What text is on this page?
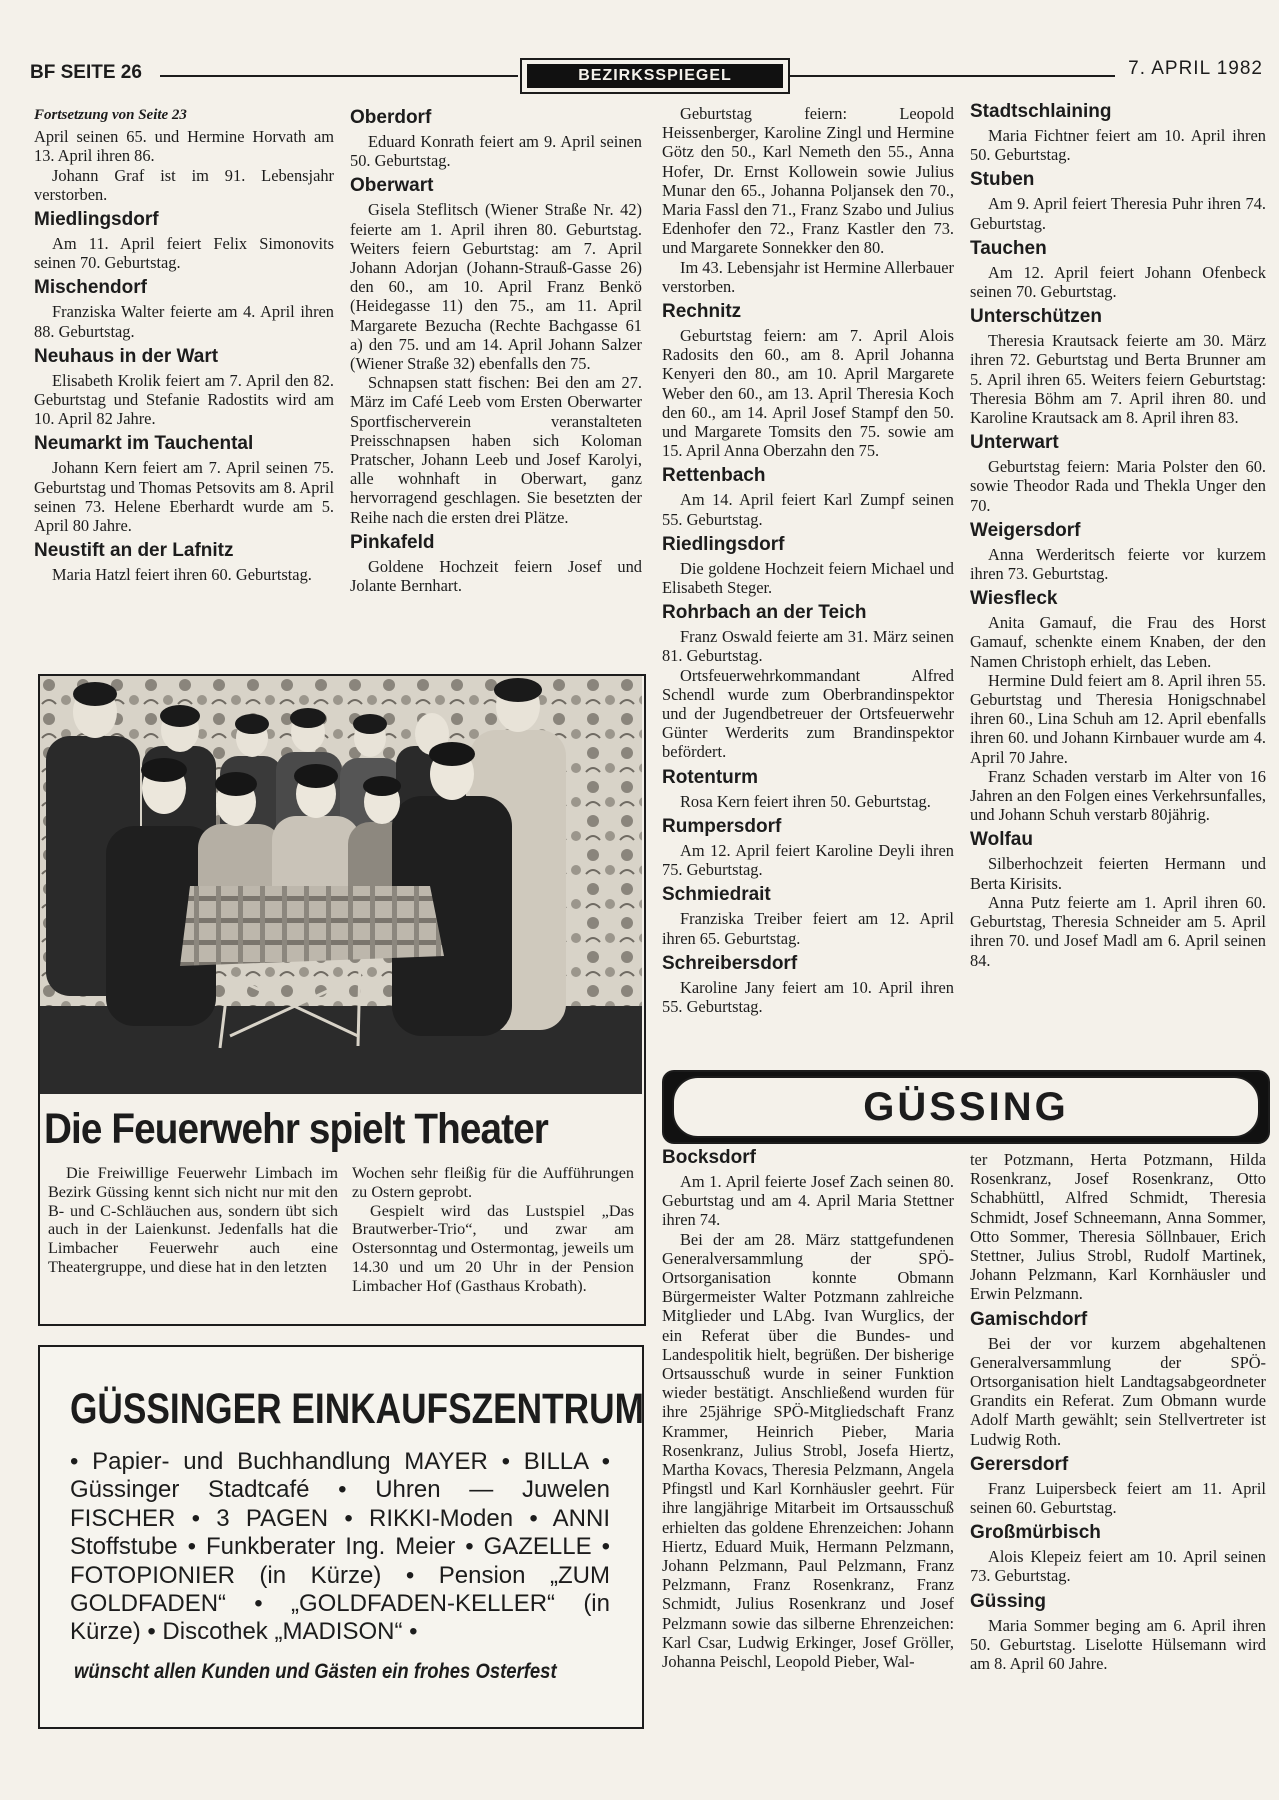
BF SEITE 26	BEZIRKSSPIEGEL	7. APRIL 1982
Fortsetzung von Seite 23

April seinen 65. und Hermine Horvath am 13. April ihren 86.

Johann Graf ist im 91. Lebensjahr verstorben.

Miedlingsdorf

Am 11. April feiert Felix Simonovits seinen 70. Geburtstag.

Mischendorf

Franziska Walter feierte am 4. April ihren 88. Geburtstag.

Neuhaus in der Wart

Elisabeth Krolik feiert am 7. April den 82. Geburtstag und Stefanie Radostits wird am 10. April 82 Jahre.

Neumarkt im Tauchental

Johann Kern feiert am 7. April seinen 75. Geburtstag und Thomas Petsovits am 8. April seinen 73. Helene Eberhardt wurde am 5. April 80 Jahre.

Neustift an der Lafnitz

Maria Hatzl feiert ihren 60. Geburtstag.

Oberdorf

Eduard Konrath feiert am 9. April seinen 50. Geburtstag.

Oberwart

Gisela Steflitsch (Wiener Straße Nr. 42) feierte am 1. April ihren 80. Geburtstag. Weiters feiern Geburtstag: am 7. April Johann Adorjan (Johann-Strauß-Gasse 26) den 60., am 10. April Franz Benkö (Heidegasse 11) den 75., am 11. April Margarete Bezucha (Rechte Bachgasse 61 a) den 75. und am 14. April Johann Salzer (Wiener Straße 32) ebenfalls den 75.

Schnapsen statt fischen: Bei den am 27. März im Café Leeb vom Ersten Oberwarter Sportfischerverein veranstalteten Preisschnapsen haben sich Koloman Pratscher, Johann Leeb und Josef Karolyi, alle wohnhaft in Oberwart, ganz hervorragend geschlagen. Sie besetzten der Reihe nach die ersten drei Plätze.

Pinkafeld

Goldene Hochzeit feiern Josef und Jolante Bernhart.

Geburtstag feiern: Leopold Heissenberger, Karoline Zingl und Hermine Götz den 50., Karl Nemeth den 55., Anna Hofer, Dr. Ernst Kollowein sowie Julius Munar den 65., Johanna Poljansek den 70., Maria Fassl den 71., Franz Szabo und Julius Edenhofer den 72., Franz Kastler den 73. und Margarete Sonnekker den 80.

Im 43. Lebensjahr ist Hermine Allerbauer verstorben.

Rechnitz

Geburtstag feiern: am 7. April Alois Radosits den 60., am 8. April Johanna Kenyeri den 80., am 10. April Margarete Weber den 60., am 13. April Theresia Koch den 60., am 14. April Josef Stampf den 50. und Margarete Tomsits den 75. sowie am 15. April Anna Oberzahn den 75.

Rettenbach

Am 14. April feiert Karl Zumpf seinen 55. Geburtstag.

Riedlingsdorf

Die goldene Hochzeit feiern Michael und Elisabeth Steger.

Rohrbach an der Teich

Franz Oswald feierte am 31. März seinen 81. Geburtstag.

Ortsfeuerwehrkommandant Alfred Schendl wurde zum Oberbrandinspektor und der Jugendbetreuer der Ortsfeuerwehr Günter Werderits zum Brandinspektor befördert.

Rotenturm

Rosa Kern feiert ihren 50. Geburtstag.

Rumpersdorf

Am 12. April feiert Karoline Deyli ihren 75. Geburtstag.

Schmiedrait

Franziska Treiber feiert am 12. April ihren 65. Geburtstag.

Schreibersdorf

Karoline Jany feiert am 10. April ihren 55. Geburtstag.

Stadtschlaining

Maria Fichtner feiert am 10. April ihren 50. Geburtstag.

Stuben

Am 9. April feiert Theresia Puhr ihren 74. Geburtstag.

Tauchen

Am 12. April feiert Johann Ofenbeck seinen 70. Geburtstag.

Unterschützen

Theresia Krautsack feierte am 30. März ihren 72. Geburtstag und Berta Brunner am 5. April ihren 65. Weiters feiern Geburtstag: Theresia Böhm am 7. April ihren 80. und Karoline Krautsack am 8. April ihren 83.

Unterwart

Geburtstag feiern: Maria Polster den 60. sowie Theodor Rada und Thekla Unger den 70.

Weigersdorf

Anna Werderitsch feierte vor kurzem ihren 73. Geburtstag.

Wiesfleck

Anita Gamauf, die Frau des Horst Gamauf, schenkte einem Knaben, der den Namen Christoph erhielt, das Leben.

Hermine Duld feiert am 8. April ihren 55. Geburtstag und Theresia Honigschnabel ihren 60., Lina Schuh am 12. April ebenfalls ihren 60. und Johann Kirnbauer wurde am 4. April 70 Jahre.

Franz Schaden verstarb im Alter von 16 Jahren an den Folgen eines Verkehrsunfalles, und Johann Schuh verstarb 80jährig.

Wolfau

Silberhochzeit feierten Hermann und Berta Kirisits.

Anna Putz feierte am 1. April ihren 60. Geburtstag, Theresia Schneider am 5. April ihren 70. und Josef Madl am 6. April seinen 84.

Die Feuerwehr spielt Theater

Die Freiwillige Feuerwehr Limbach im Bezirk Güssing kennt sich nicht nur mit den B- und C-Schläuchen aus, sondern übt sich auch in der Laienkunst. Jedenfalls hat die Limbacher Feuerwehr auch eine Theatergruppe, und diese hat in den letzten

Wochen sehr fleißig für die Aufführungen zu Ostern geprobt.

Gespielt wird das Lustspiel „Das Brautwerber-Trio“, und zwar am Ostersonntag und Ostermontag, jeweils um 14.30 und um 20 Uhr in der Pension Limbacher Hof (Gasthaus Krobath).

GÜSSINGER EINKAUFSZENTRUM
• Papier- und Buchhandlung MAYER • BILLA • Güssinger Stadtcafé • Uhren — Juwelen FISCHER • 3 PAGEN • RIKKI-Moden • ANNI Stoffstube • Funkberater Ing. Meier • GAZELLE • FOTOPIONIER (in Kürze) • Pension „ZUM GOLDFADEN“ • „GOLDFADEN-KELLER“ (in Kürze) • Discothek „MADISON“ •
wünscht allen Kunden und Gästen ein frohes Osterfest
GÜSSING
Bocksdorf

Am 1. April feierte Josef Zach seinen 80. Geburtstag und am 4. April Maria Stettner ihren 74.

Bei der am 28. März stattgefundenen Generalversammlung der SPÖ-Ortsorganisation konnte Obmann Bürgermeister Walter Potzmann zahlreiche Mitglieder und LAbg. Ivan Wurglics, der ein Referat über die Bundes- und Landespolitik hielt, begrüßen. Der bisherige Ortsausschuß wurde in seiner Funktion wieder bestätigt. Anschließend wurden für ihre 25jährige SPÖ-Mitgliedschaft Franz Krammer, Heinrich Pieber, Maria Rosenkranz, Julius Strobl, Josefa Hiertz, Martha Kovacs, Theresia Pelzmann, Angela Pfingstl und Karl Kornhäusler geehrt. Für ihre langjährige Mitarbeit im Ortsausschuß erhielten das goldene Ehrenzeichen: Johann Hiertz, Eduard Muik, Hermann Pelzmann, Johann Pelzmann, Paul Pelzmann, Franz Pelzmann, Franz Rosenkranz, Franz Schmidt, Julius Rosenkranz und Josef Pelzmann sowie das silberne Ehrenzeichen: Karl Csar, Ludwig Erkinger, Josef Gröller, Johanna Peischl, Leopold Pieber, Wal-

ter Potzmann, Herta Potzmann, Hilda Rosenkranz, Josef Rosenkranz, Otto Schabhüttl, Alfred Schmidt, Theresia Schmidt, Josef Schneemann, Anna Sommer, Otto Sommer, Theresia Söllnbauer, Erich Stettner, Julius Strobl, Rudolf Martinek, Johann Pelzmann, Karl Kornhäusler und Erwin Pelzmann.

Gamischdorf

Bei der vor kurzem abgehaltenen Generalversammlung der SPÖ-Ortsorganisation hielt Landtagsabgeordneter Grandits ein Referat. Zum Obmann wurde Adolf Marth gewählt; sein Stellvertreter ist Ludwig Roth.

Gerersdorf

Franz Luipersbeck feiert am 11. April seinen 60. Geburtstag.

Großmürbisch

Alois Klepeiz feiert am 10. April seinen 73. Geburtstag.

Güssing

Maria Sommer beging am 6. April ihren 50. Geburtstag. Liselotte Hülsemann wird am 8. April 60 Jahre.
